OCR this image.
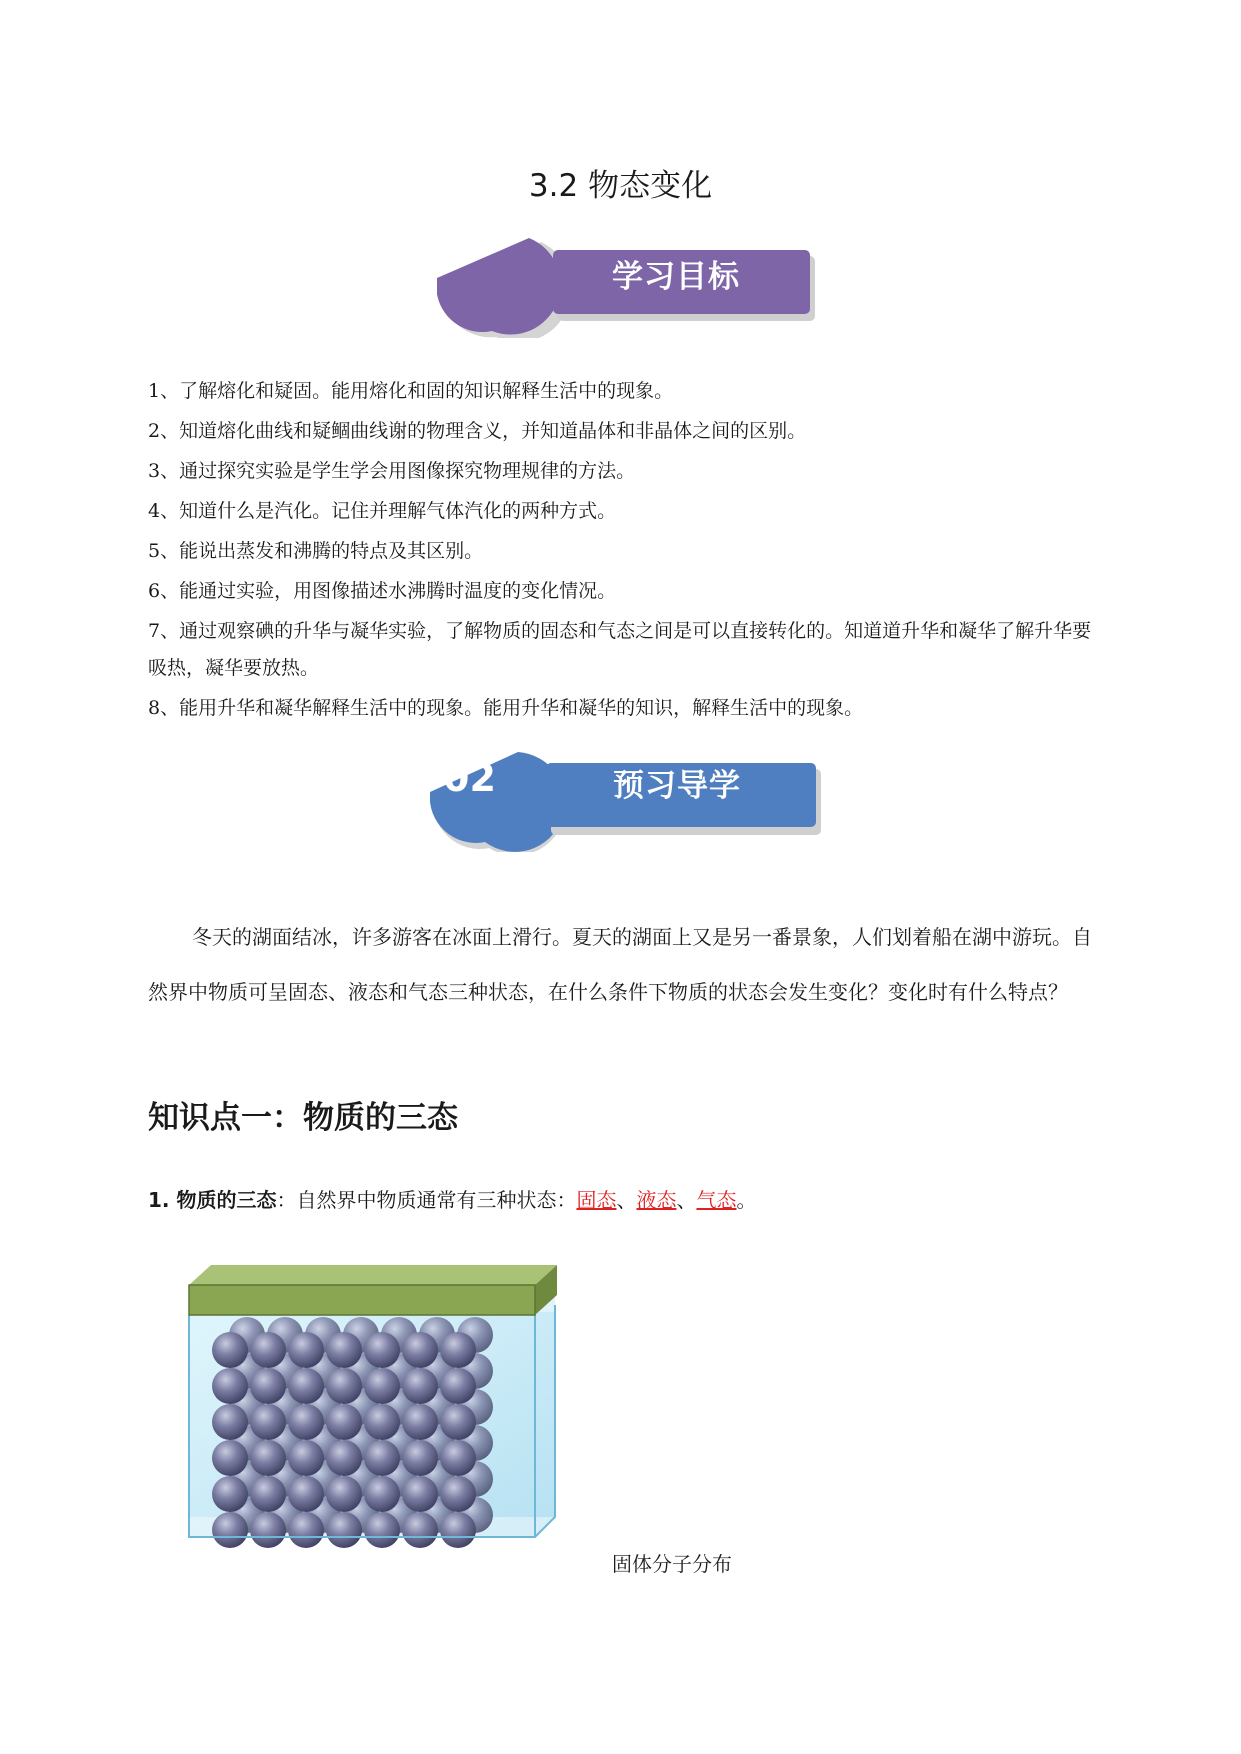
3.2 物态变化
学习目标
1、了解熔化和疑固。能用熔化和固的知识解释生活中的现象。
2、知道熔化曲线和疑鲴曲线谢的物理含义，并知道晶体和非晶体之间的区别。
3、通过探究实验是学生学会用图像探究物理规律的方法。
4、知道什么是汽化。记住并理解气体汽化的两种方式。
5、能说出蒸发和沸腾的特点及其区别。
6、能通过实验，用图像描述水沸腾时温度的变化情况。
7、通过观察碘的升华与凝华实验，了解物质的固态和气态之间是可以直接转化的。知道道升华和凝华了解升华要吸热，凝华要放热。
8、能用升华和凝华解释生活中的现象。能用升华和凝华的知识，解释生活中的现象。
02	预习导学

冬天的湖面结冰，许多游客在冰面上滑行。夏天的湖面上又是另一番景象，人们划着船在湖中游玩。自然界中物质可呈固态、液态和气态三种状态，在什么条件下物质的状态会发生变化？变化时有什么特点？

知识点一：物质的三态
1. 物质的三态：自然界中物质通常有三种状态：固态、液态、气态。
固体分子分布
